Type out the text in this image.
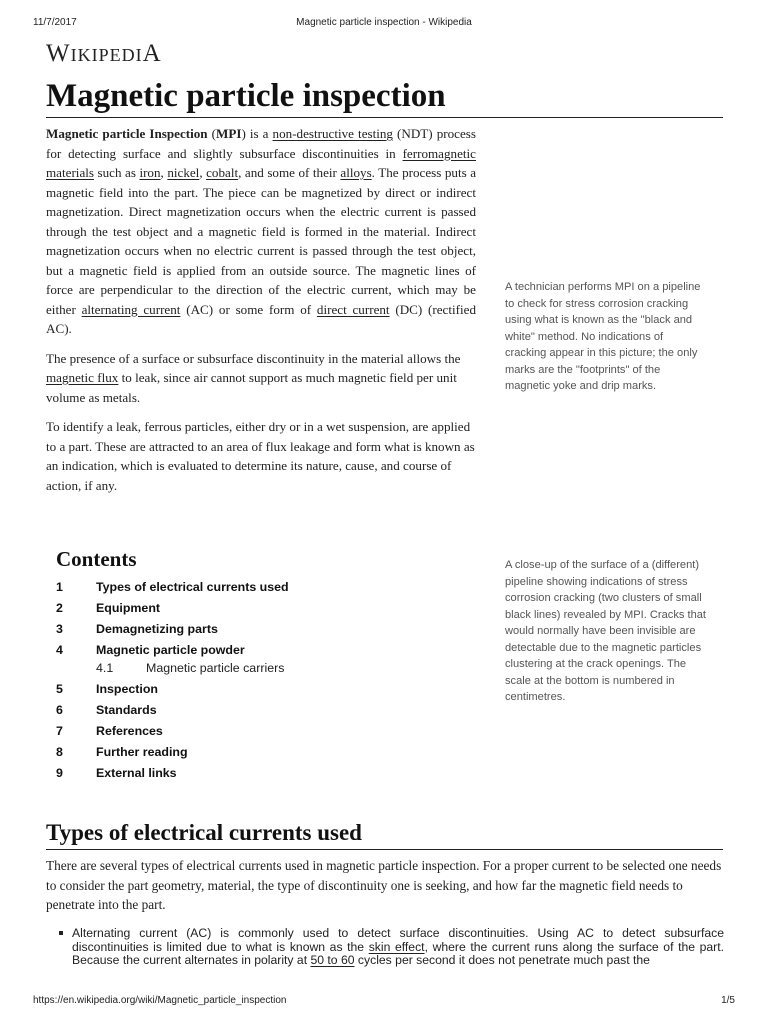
11/7/2017	Magnetic particle inspection - Wikipedia
WIKIPEDIA
Magnetic particle inspection

Magnetic particle Inspection (MPI) is a non-destructive testing (NDT) process for detecting surface and slightly subsurface discontinuities in ferromagnetic materials such as iron, nickel, cobalt, and some of their alloys. The process puts a magnetic field into the part. The piece can be magnetized by direct or indirect magnetization. Direct magnetization occurs when the electric current is passed through the test object and a magnetic field is formed in the material. Indirect magnetization occurs when no electric current is passed through the test object, but a magnetic field is applied from an outside source. The magnetic lines of force are perpendicular to the direction of the electric current, which may be either alternating current (AC) or some form of direct current (DC) (rectified AC).

The presence of a surface or subsurface discontinuity in the material allows the magnetic flux to leak, since air cannot support as much magnetic field per unit volume as metals.

To identify a leak, ferrous particles, either dry or in a wet suspension, are applied to a part. These are attracted to an area of flux leakage and form what is known as an indication, which is evaluated to determine its nature, cause, and course of action, if any.

A technician performs MPI on a pipeline to check for stress corrosion cracking using what is known as the "black and white" method. No indications of cracking appear in this picture; the only marks are the "footprints" of the magnetic yoke and drip marks.
A close-up of the surface of a (different) pipeline showing indications of stress corrosion cracking (two clusters of small black lines) revealed by MPI. Cracks that would normally have been invisible are detectable due to the magnetic particles clustering at the crack openings. The scale at the bottom is numbered in centimetres.
Contents
1	Types of electrical currents used
2	Equipment
3	Demagnetizing parts
4	Magnetic particle powder
4.1	Magnetic particle carriers
5	Inspection
6	Standards
7	References
8	Further reading
9	External links
Types of electrical currents used

There are several types of electrical currents used in magnetic particle inspection. For a proper current to be selected one needs to consider the part geometry, material, the type of discontinuity one is seeking, and how far the magnetic field needs to penetrate into the part.

Alternating current (AC) is commonly used to detect surface discontinuities. Using AC to detect subsurface discontinuities is limited due to what is known as the skin effect, where the current runs along the surface of the part. Because the current alternates in polarity at 50 to 60 cycles per second it does not penetrate much past the
https://en.wikipedia.org/wiki/Magnetic_particle_inspection	1/5
